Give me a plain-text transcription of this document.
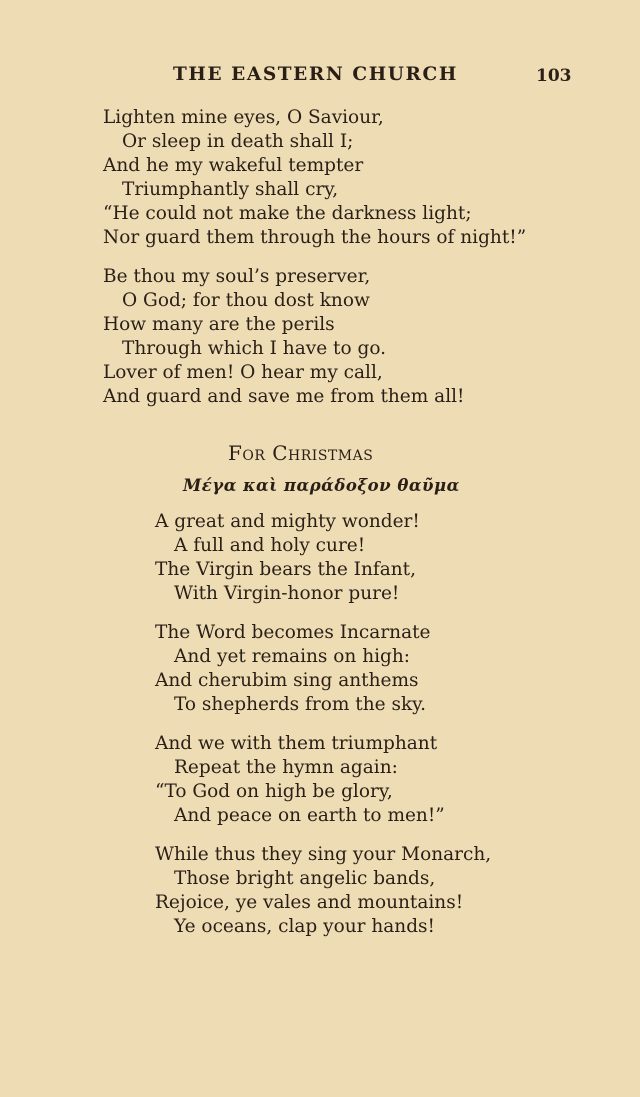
THE EASTERN CHURCH	103
Lighten mine eyes, O Saviour,
Or sleep in death shall I;
And he my wakeful tempter
Triumphantly shall cry,
“He could not make the darkness light;
Nor guard them through the hours of night!”
Be thou my soul’s preserver,
O God; for thou dost know
How many are the perils
Through which I have to go.
Lover of men! O hear my call,
And guard and save me from them all!
For Christmas
Μέγα καὶ παράδοξον θαῦμα
A great and mighty wonder!
A full and holy cure!
The Virgin bears the Infant,
With Virgin-honor pure!
The Word becomes Incarnate
And yet remains on high:
And cherubim sing anthems
To shepherds from the sky.
And we with them triumphant
Repeat the hymn again:
“To God on high be glory,
And peace on earth to men!”
While thus they sing your Monarch,
Those bright angelic bands,
Rejoice, ye vales and mountains!
Ye oceans, clap your hands!
